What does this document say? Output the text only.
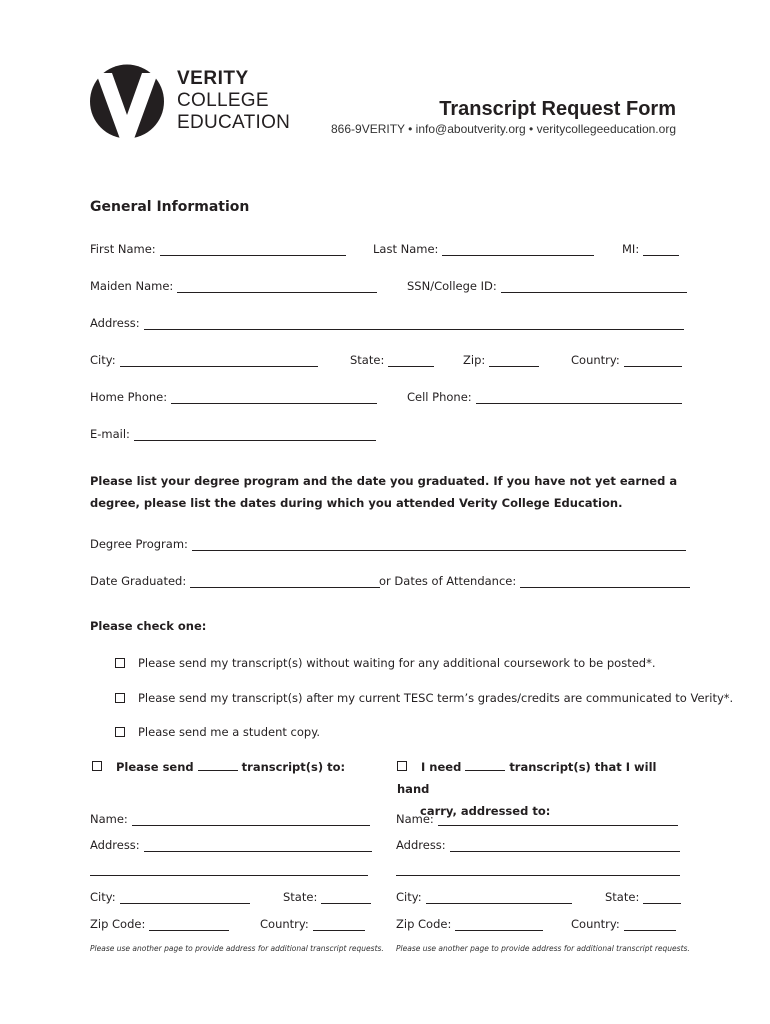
VERITY
COLLEGE
EDUCATION
Transcript Request Form
866-9VERITY • info@aboutverity.org • veritycollegeeducation.org
General Information
First Name:	Last Name:	MI:
Maiden Name:	SSN/College ID:
Address:
City:	State:	Zip:	Country:
Home Phone:	Cell Phone:
E-mail:
Please list your degree program and the date you graduated. If you have not yet earned a degree, please list the dates during which you attended Verity College Education.
Degree Program:
Date Graduated:	or Dates of Attendance:
Please check one:
Please send my transcript(s) without waiting for any additional coursework to be posted*.
Please send my transcript(s) after my current TESC term’s grades/credits are communicated to Verity*.
Please send me a student copy.
Please send	transcript(s) to:
Name:
Address:
City:	State:
Zip Code:	Country:
Please use another page to provide address for additional transcript requests.
I need	transcript(s) that I will hand
carry, addressed to:
Name:
Address:
City:	State:
Zip Code:	Country:
Please use another page to provide address for additional transcript requests.
